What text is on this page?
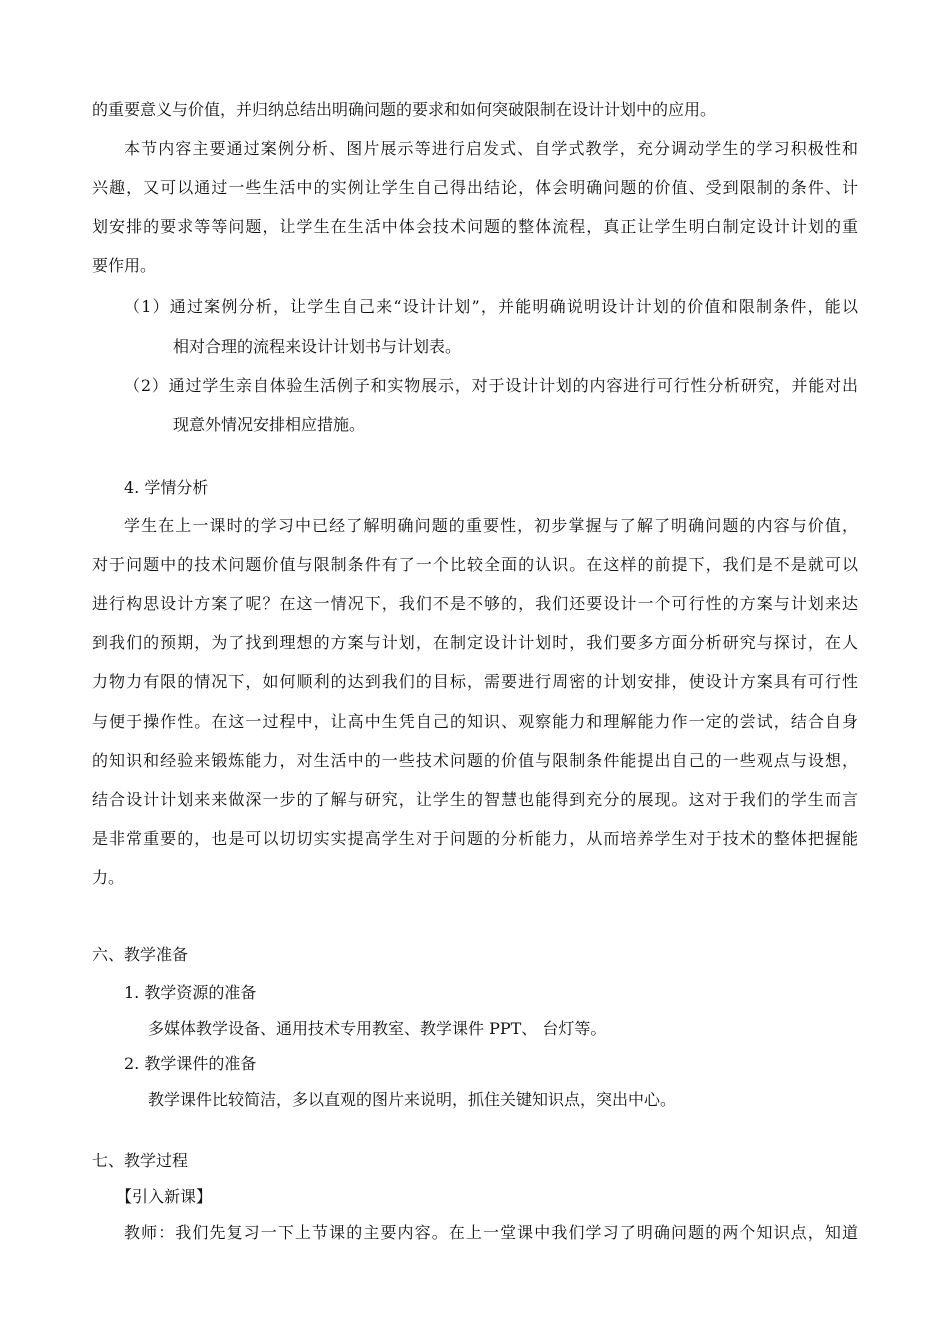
的重要意义与价值，并归纳总结出明确问题的要求和如何突破限制在设计计划中的应用。

本节内容主要通过案例分析、图片展示等进行启发式、自学式教学，充分调动学生的学习积极性和

兴趣，又可以通过一些生活中的实例让学生自己得出结论，体会明确问题的价值、受到限制的条件、计

划安排的要求等等问题，让学生在生活中体会技术问题的整体流程，真正让学生明白制定设计计划的重

要作用。

（1）通过案例分析，让学生自己来“设计计划”，并能明确说明设计计划的价值和限制条件，能以

相对合理的流程来设计计划书与计划表。

（2）通过学生亲自体验生活例子和实物展示，对于设计计划的内容进行可行性分析研究，并能对出

现意外情况安排相应措施。

4. 学情分析

学生在上一课时的学习中已经了解明确问题的重要性，初步掌握与了解了明确问题的内容与价值，

对于问题中的技术问题价值与限制条件有了一个比较全面的认识。在这样的前提下，我们是不是就可以

进行构思设计方案了呢？在这一情况下，我们不是不够的，我们还要设计一个可行性的方案与计划来达

到我们的预期，为了找到理想的方案与计划，在制定设计计划时，我们要多方面分析研究与探讨，在人

力物力有限的情况下，如何顺利的达到我们的目标，需要进行周密的计划安排，使设计方案具有可行性

与便于操作性。在这一过程中，让高中生凭自己的知识、观察能力和理解能力作一定的尝试，结合自身

的知识和经验来锻炼能力，对生活中的一些技术问题的价值与限制条件能提出自己的一些观点与设想，

结合设计计划来来做深一步的了解与研究，让学生的智慧也能得到充分的展现。这对于我们的学生而言

是非常重要的，也是可以切切实实提高学生对于问题的分析能力，从而培养学生对于技术的整体把握能

力。

六、教学准备

1. 教学资源的准备

多媒体教学设备、通用技术专用教室、教学课件 PPT、 台灯等。

2. 教学课件的准备

教学课件比较简洁，多以直观的图片来说明，抓住关键知识点，突出中心。

七、教学过程

【引入新课】

教师：我们先复习一下上节课的主要内容。在上一堂课中我们学习了明确问题的两个知识点，知道
